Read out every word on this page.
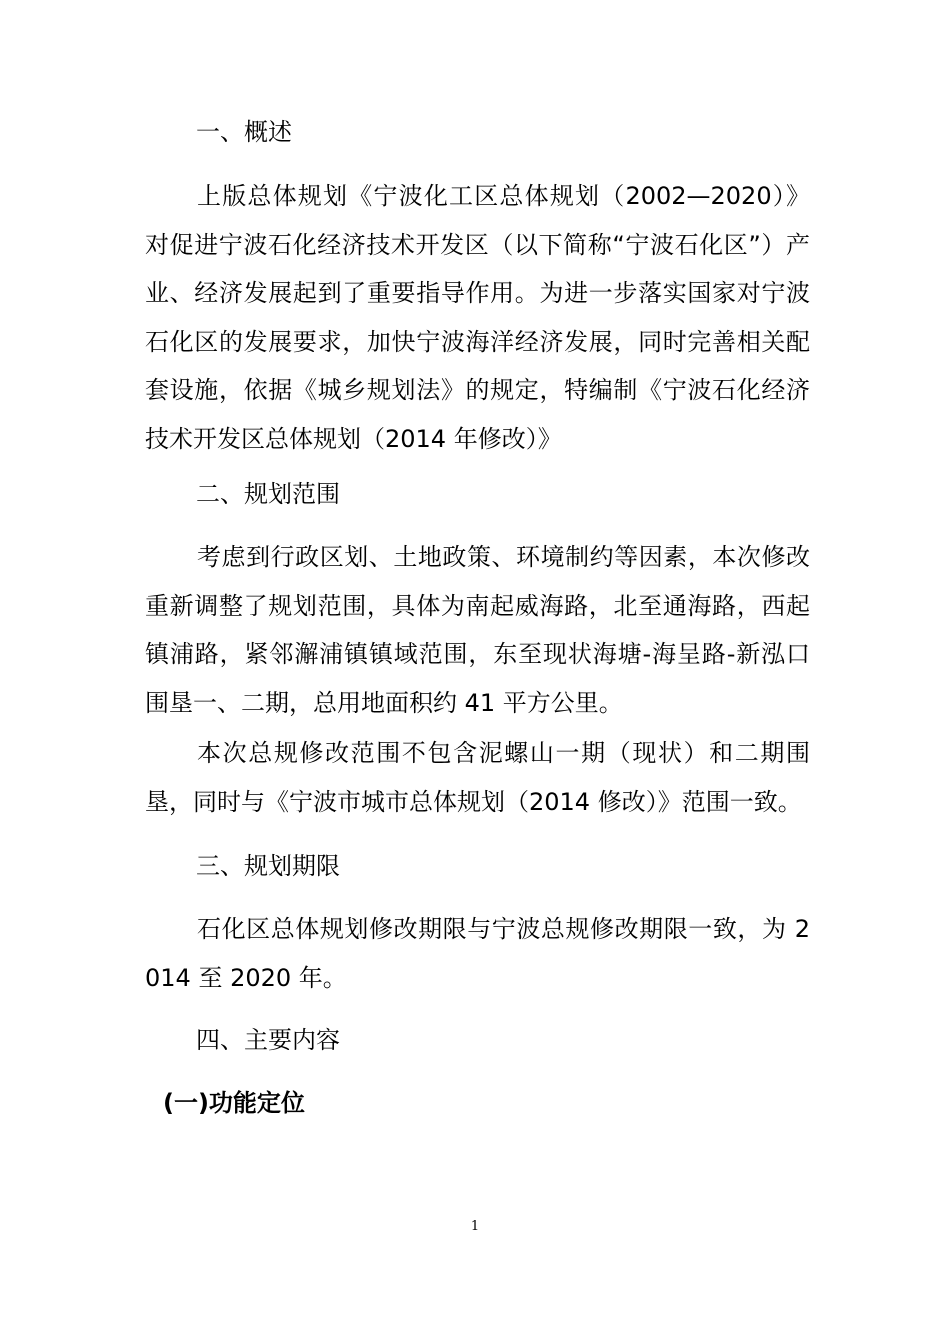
一、概述
上版总体规划《宁波化工区总体规划（2002—2020）》对促进宁波石化经济技术开发区（以下简称“宁波石化区”）产业、经济发展起到了重要指导作用。为进一步落实国家对宁波石化区的发展要求，加快宁波海洋经济发展，同时完善相关配套设施，依据《城乡规划法》的规定，特编制《宁波石化经济技术开发区总体规划（2014 年修改）》
二、规划范围
考虑到行政区划、土地政策、环境制约等因素，本次修改重新调整了规划范围，具体为南起威海路，北至通海路，西起镇浦路，紧邻澥浦镇镇域范围，东至现状海塘-海呈路-新泓口围垦一、二期，总用地面积约 41 平方公里。
本次总规修改范围不包含泥螺山一期（现状）和二期围垦，同时与《宁波市城市总体规划（2014 修改）》范围一致。
三、规划期限
石化区总体规划修改期限与宁波总规修改期限一致，为 2014 至 2020 年。
四、主要内容
(一)功能定位
1
